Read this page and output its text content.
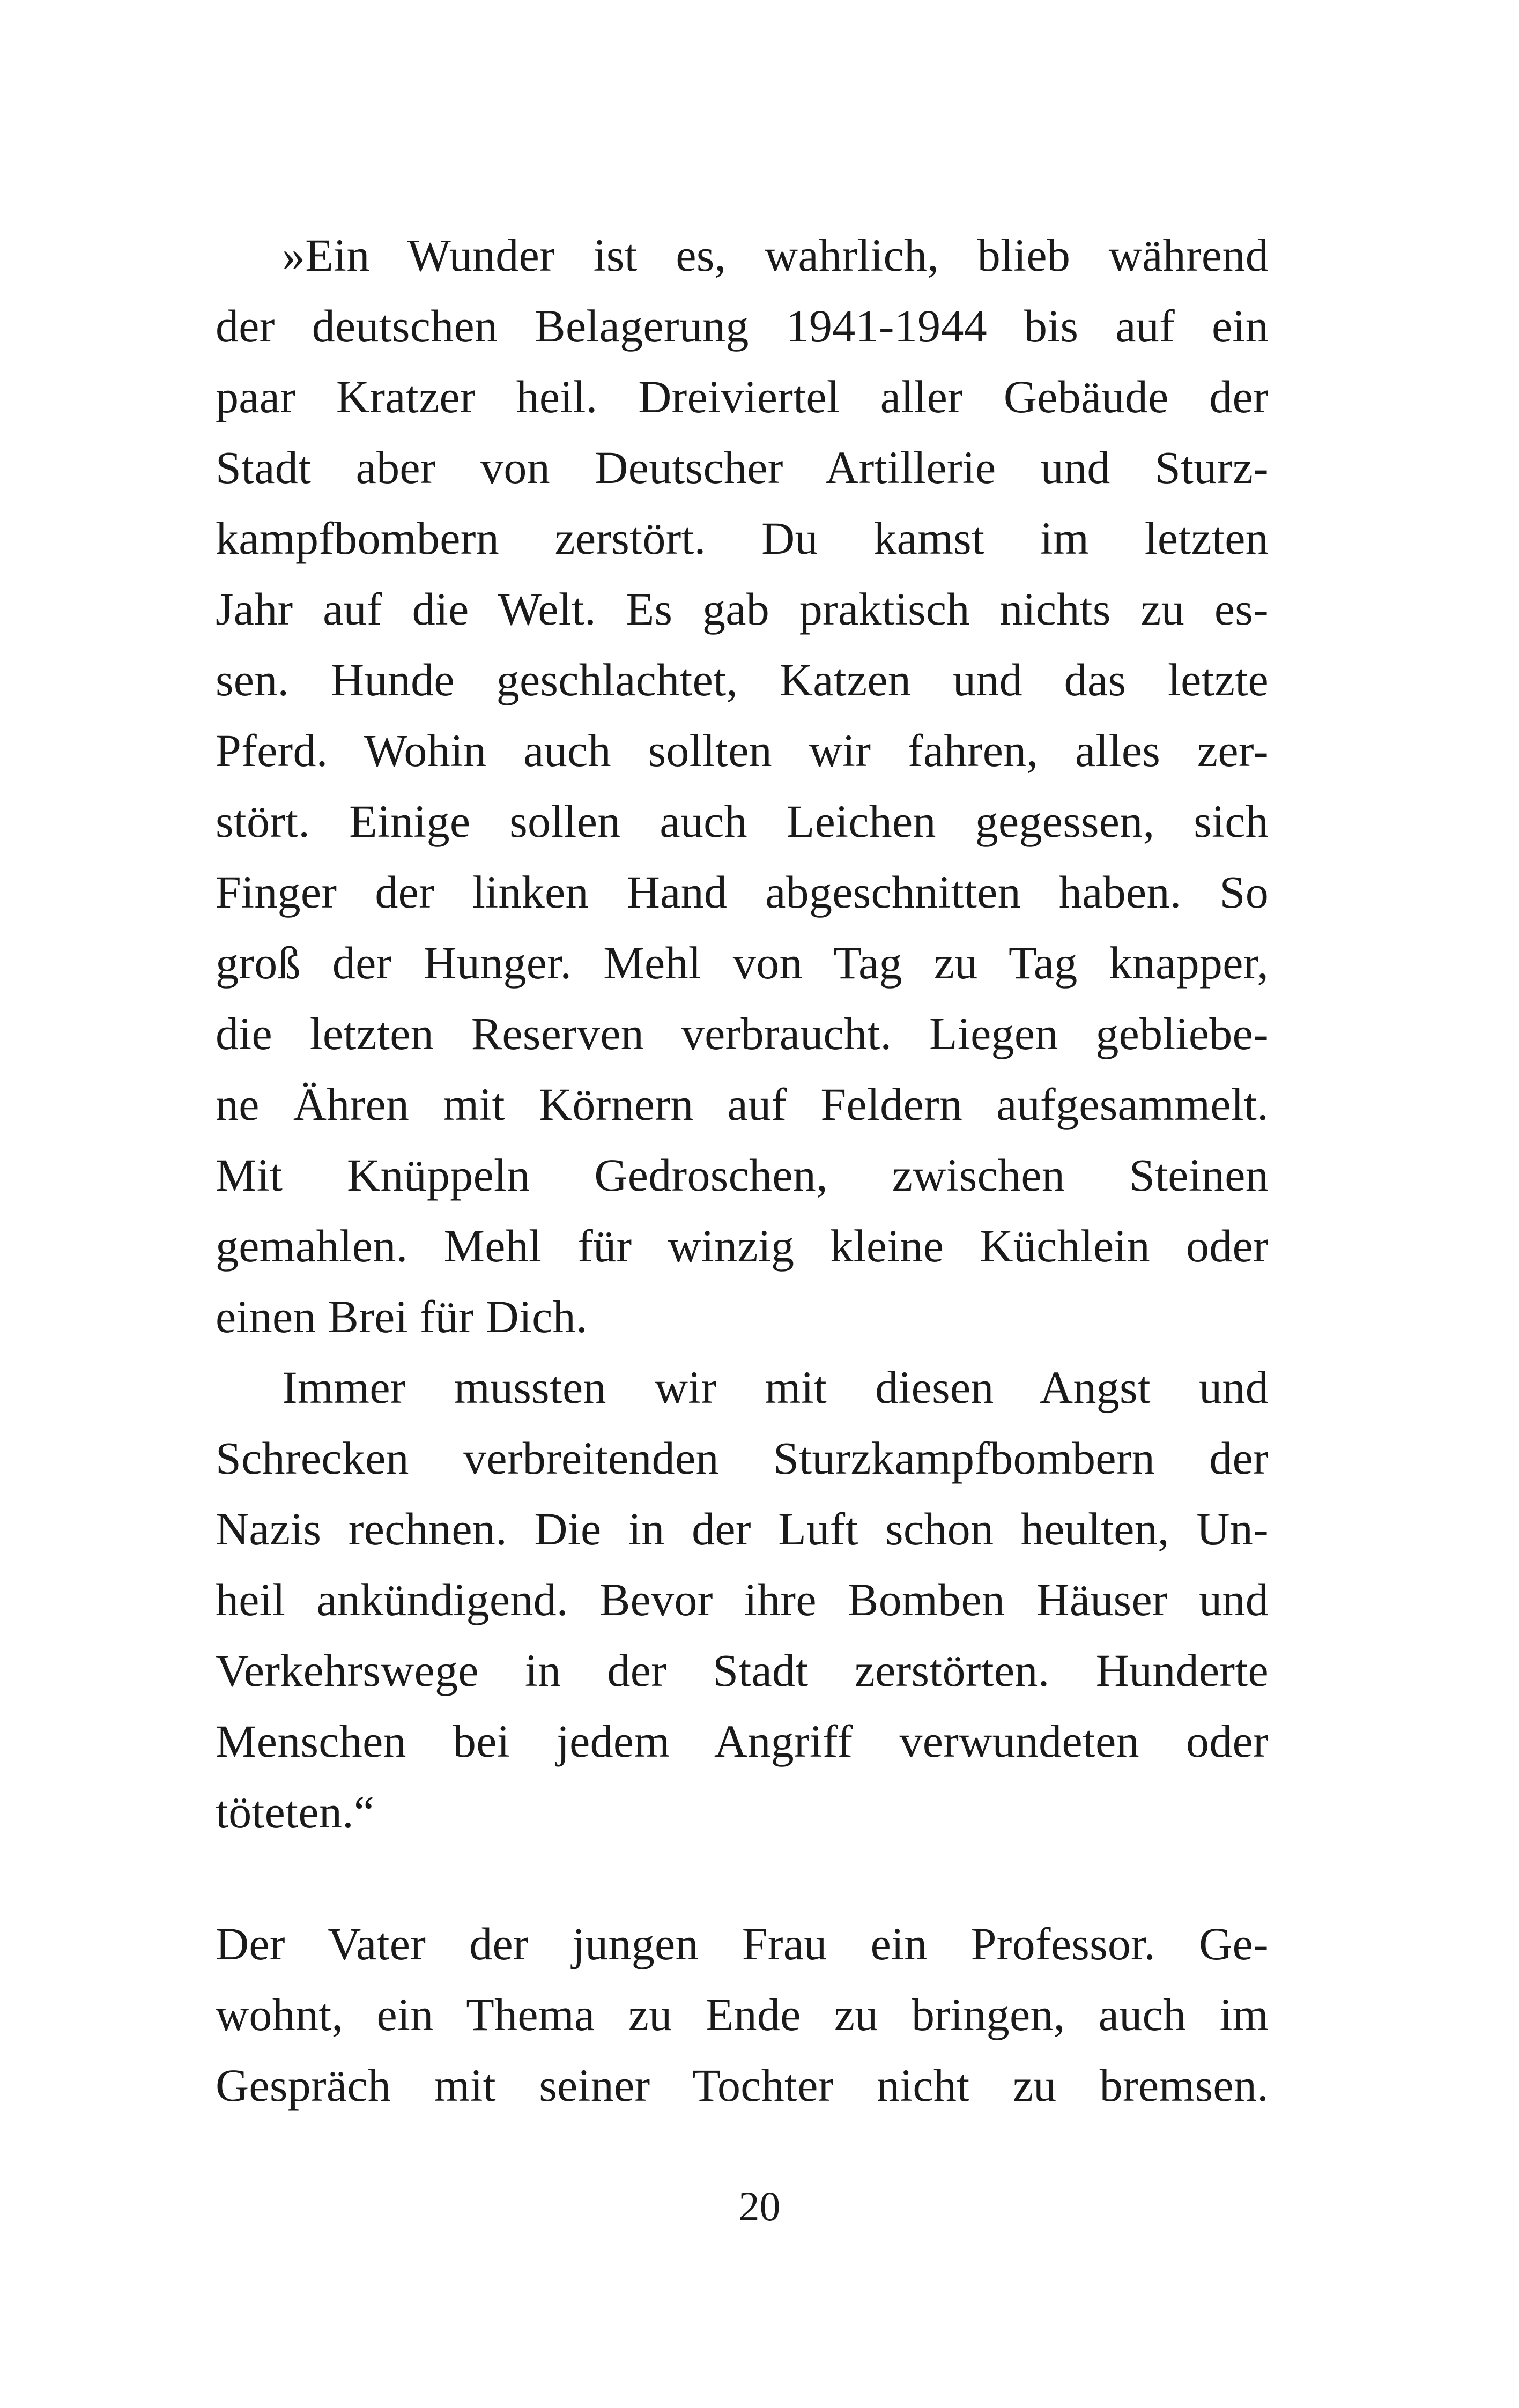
»Ein Wunder ist es, wahrlich, blieb während
der deutschen Belagerung 1941-1944 bis auf ein
paar Kratzer heil. Dreiviertel aller Gebäude der
Stadt aber von Deutscher Artillerie und Sturz-
kampfbombern zerstört. Du kamst im letzten
Jahr auf die Welt. Es gab praktisch nichts zu es-
sen. Hunde geschlachtet, Katzen und das letzte
Pferd. Wohin auch sollten wir fahren, alles zer-
stört. Einige sollen auch Leichen gegessen, sich
Finger der linken Hand abgeschnitten haben. So
groß der Hunger. Mehl von Tag zu Tag knapper,
die letzten Reserven verbraucht. Liegen gebliebe-
ne Ähren mit Körnern auf Feldern aufgesammelt.
Mit Knüppeln Gedroschen, zwischen Steinen
gemahlen. Mehl für winzig kleine Küchlein oder
einen Brei für Dich.
Immer mussten wir mit diesen Angst und
Schrecken verbreitenden Sturzkampfbombern der
Nazis rechnen. Die in der Luft schon heulten, Un-
heil ankündigend. Bevor ihre Bomben Häuser und
Verkehrswege in der Stadt zerstörten. Hunderte
Menschen bei jedem Angriff verwundeten oder
töteten.“
Der Vater der jungen Frau ein Professor. Ge-
wohnt, ein Thema zu Ende zu bringen, auch im
Gespräch mit seiner Tochter nicht zu bremsen.
20
